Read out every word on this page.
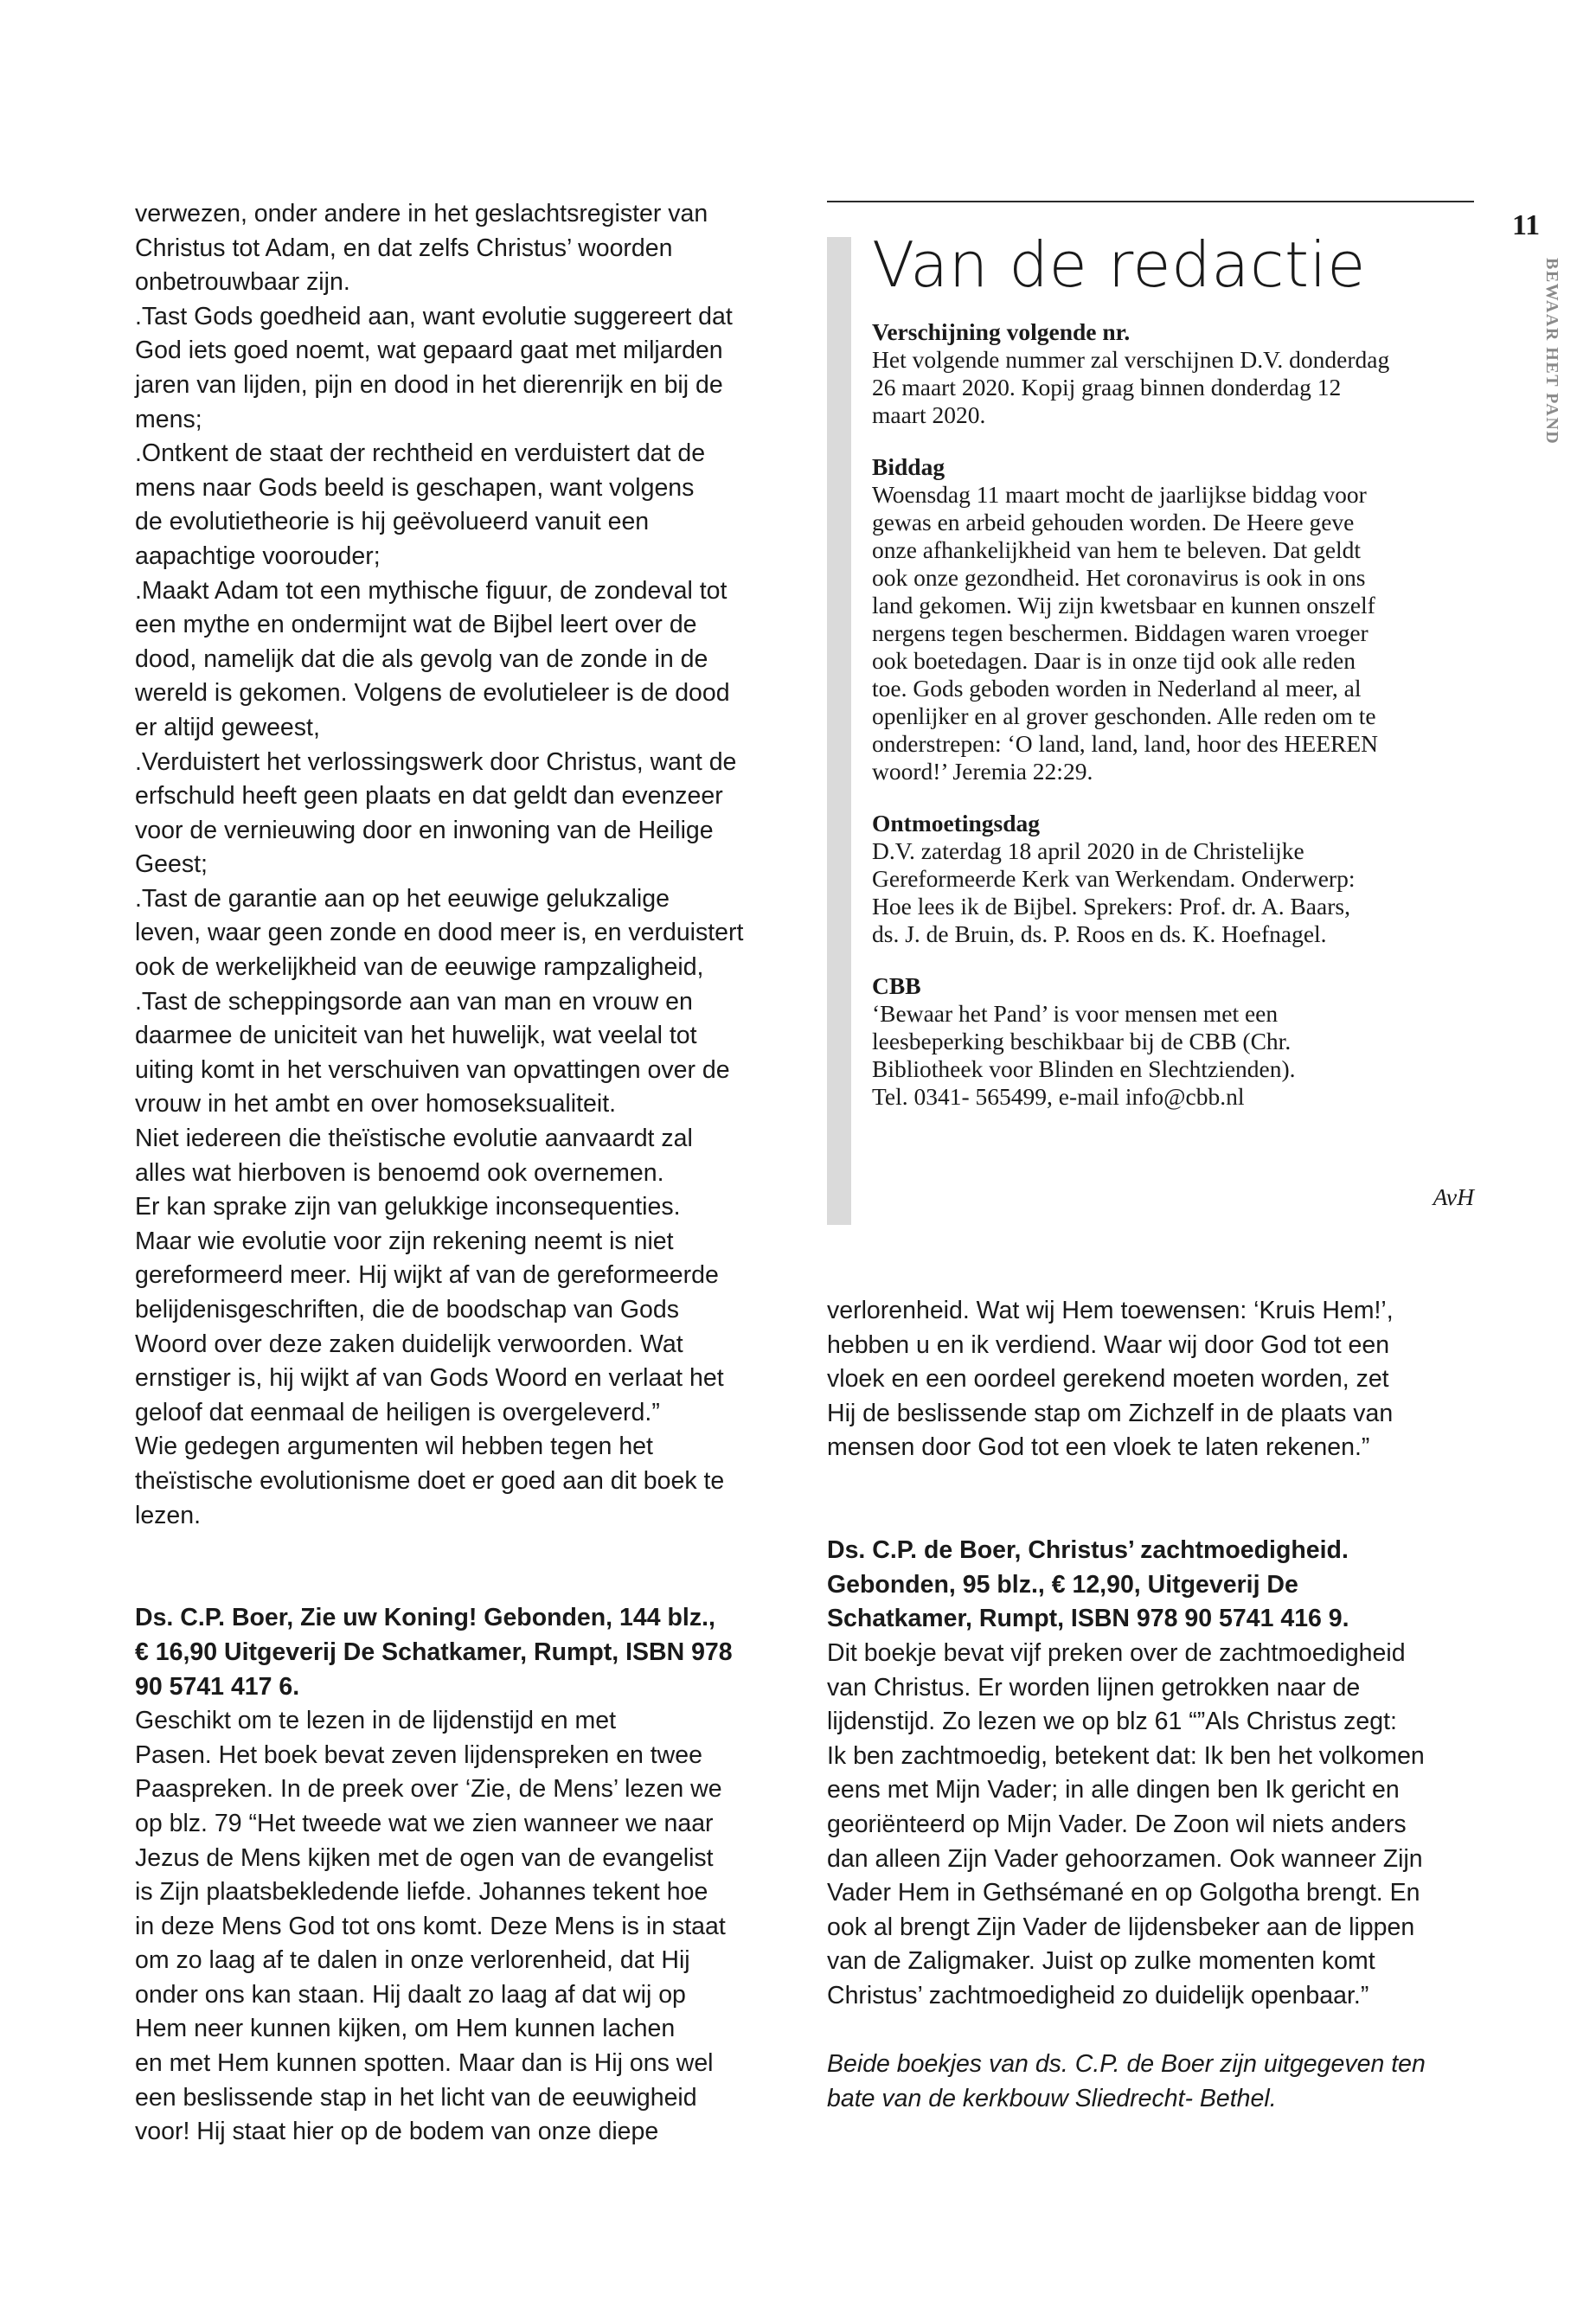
verwezen, onder andere in het geslachtsregister van

Christus tot Adam, en dat zelfs Christus’ woorden

onbetrouwbaar zijn.

.Tast Gods goedheid aan, want evolutie suggereert dat

God iets goed noemt, wat gepaard gaat met miljarden

jaren van lijden, pijn en dood in het dierenrijk en bij de

mens;

.Ontkent de staat der rechtheid en verduistert dat de

mens naar Gods beeld is geschapen, want volgens

de evolutietheorie is hij geëvolueerd vanuit een

aapachtige voorouder;

.Maakt Adam tot een mythische figuur, de zondeval tot

een mythe en ondermijnt wat de Bijbel leert over de

dood, namelijk dat die als gevolg van de zonde in de

wereld is gekomen. Volgens de evolutieleer is de dood

er altijd geweest,

.Verduistert het verlossingswerk door Christus, want de

erfschuld heeft geen plaats en dat geldt dan evenzeer

voor de vernieuwing door en inwoning van de Heilige

Geest;

.Tast de garantie aan op het eeuwige gelukzalige

leven, waar geen zonde en dood meer is, en verduistert

ook de werkelijkheid van de eeuwige rampzaligheid,

.Tast de scheppingsorde aan van man en vrouw en

daarmee de uniciteit van het huwelijk, wat veelal tot

uiting komt in het verschuiven van opvattingen over de

vrouw in het ambt en over homoseksualiteit.

Niet iedereen die theïstische evolutie aanvaardt zal

alles wat hierboven is benoemd ook overnemen.

Er kan sprake zijn van gelukkige inconsequenties.

Maar wie evolutie voor zijn rekening neemt is niet

gereformeerd meer. Hij wijkt af van de gereformeerde

belijdenisgeschriften, die de boodschap van Gods

Woord over deze zaken duidelijk verwoorden. Wat

ernstiger is, hij wijkt af van Gods Woord en verlaat het

geloof dat eenmaal de heiligen is overgeleverd.”

Wie gedegen argumenten wil hebben tegen het

theïstische evolutionisme doet er goed aan dit boek te

lezen.

Ds. C.P. Boer, Zie uw Koning! Gebonden, 144 blz.,

€ 16,90 Uitgeverij De Schatkamer, Rumpt, ISBN 978

90 5741 417 6.

Geschikt om te lezen in de lijdenstijd en met

Pasen. Het boek bevat zeven lijdenspreken en twee

Paaspreken. In de preek over ‘Zie, de Mens’ lezen we

op blz. 79 “Het tweede wat we zien wanneer we naar

Jezus de Mens kijken met de ogen van de evangelist

is Zijn plaatsbekledende liefde. Johannes tekent hoe

in deze Mens God tot ons komt. Deze Mens is in staat

om zo laag af te dalen in onze verlorenheid, dat Hij

onder ons kan staan. Hij daalt zo laag af dat wij op

Hem neer kunnen kijken, om Hem kunnen lachen

en met Hem kunnen spotten. Maar dan is Hij ons wel

een beslissende stap in het licht van de eeuwigheid

voor! Hij staat hier op de bodem van onze diepe

Van de redactie

Verschijning volgende nr.

Het volgende nummer zal verschijnen D.V. donderdag

26 maart 2020. Kopij graag binnen donderdag 12

maart 2020.

Biddag

Woensdag 11 maart mocht de jaarlijkse biddag voor

gewas en arbeid gehouden worden. De Heere geve

onze afhankelijkheid van hem te beleven. Dat geldt

ook onze gezondheid. Het coronavirus is ook in ons

land gekomen. Wij zijn kwetsbaar en kunnen onszelf

nergens tegen beschermen. Biddagen waren vroeger

ook boetedagen. Daar is in onze tijd ook alle reden

toe. Gods geboden worden in Nederland al meer, al

openlijker en al grover geschonden. Alle reden om te

onderstrepen: ‘O land, land, land, hoor des HEEREN

woord!’ Jeremia 22:29.

Ontmoetingsdag

D.V. zaterdag 18 april 2020 in de Christelijke

Gereformeerde Kerk van Werkendam. Onderwerp:

Hoe lees ik de Bijbel. Sprekers: Prof. dr. A. Baars,

ds. J. de Bruin, ds. P. Roos en ds. K. Hoefnagel.

CBB

‘Bewaar het Pand’ is voor mensen met een

leesbeperking beschikbaar bij de CBB (Chr.

Bibliotheek voor Blinden en Slechtzienden).

Tel. 0341- 565499, e-mail info@cbb.nl

AvH
11
BEWAAR HET PAND

verlorenheid. Wat wij Hem toewensen: ‘Kruis Hem!’,

hebben u en ik verdiend. Waar wij door God tot een

vloek en een oordeel gerekend moeten worden, zet

Hij de beslissende stap om Zichzelf in de plaats van

mensen door God tot een vloek te laten rekenen.”

Ds. C.P. de Boer, Christus’ zachtmoedigheid.

Gebonden, 95 blz., € 12,90, Uitgeverij De

Schatkamer, Rumpt, ISBN 978 90 5741 416 9.

Dit boekje bevat vijf preken over de zachtmoedigheid

van Christus. Er worden lijnen getrokken naar de

lijdenstijd. Zo lezen we op blz 61 “”Als Christus zegt:

Ik ben zachtmoedig, betekent dat: Ik ben het volkomen

eens met Mijn Vader; in alle dingen ben Ik gericht en

georiënteerd op Mijn Vader. De Zoon wil niets anders

dan alleen Zijn Vader gehoorzamen. Ook wanneer Zijn

Vader Hem in Gethsémané en op Golgotha brengt. En

ook al brengt Zijn Vader de lijdensbeker aan de lippen

van de Zaligmaker. Juist op zulke momenten komt

Christus’ zachtmoedigheid zo duidelijk openbaar.”

Beide boekjes van ds. C.P. de Boer zijn uitgegeven ten

bate van de kerkbouw Sliedrecht- Bethel.
